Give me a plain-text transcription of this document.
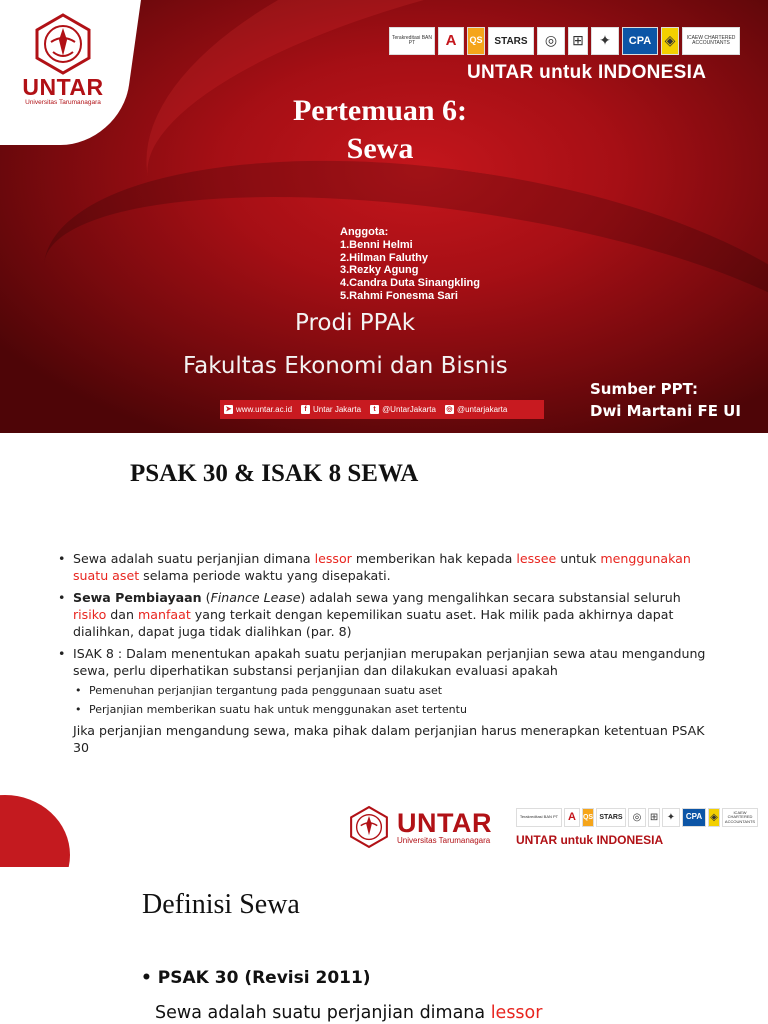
UNTAR
Universitas Tarumanagara
Terakreditasi BAN PT	A QS STARS	◎	⊞	✦	CPA ◈	ICAEW CHARTERED ACCOUNTANTS
UNTAR untuk INDONESIA
Pertemuan 6:
Sewa
Anggota:
1.Benni Helmi
2.Hilman Faluthy
3.Rezky Agung
4.Candra Duta Sinangkling
5.Rahmi Fonesma Sari
Prodi PPAk
Fakultas Ekonomi dan Bisnis
➤ www.untar.ac.id	f Untar Jakarta	t @UntarJakarta ◎ @untarjakarta
Sumber PPT:
Dwi Martani FE UI
PSAK 30 & ISAK 8 SEWA
• Sewa adalah suatu perjanjian dimana lessor memberikan hak kepada lessee untuk menggunakan suatu aset selama periode waktu yang disepakati.
• Sewa Pembiayaan (Finance Lease) adalah sewa yang mengalihkan secara substansial seluruh risiko dan manfaat yang terkait dengan kepemilikan suatu aset. Hak milik pada akhirnya dapat dialihkan, dapat juga tidak dialihkan (par. 8)
• ISAK 8 : Dalam menentukan apakah suatu perjanjian merupakan perjanjian sewa atau mengandung sewa, perlu diperhatikan substansi perjanjian dan dilakukan evaluasi apakah
• Pemenuhan perjanjian tergantung pada penggunaan suatu aset
• Perjanjian memberikan suatu hak untuk menggunakan aset tertentu
Jika perjanjian mengandung sewa, maka pihak dalam perjanjian harus menerapkan ketentuan PSAK 30
UNTAR
Universitas Tarumanagara
Terakreditasi BAN PT A QS STARS	◎ ⊞ ✦	CPA ◈	ICAEW CHARTERED ACCOUNTANTS
UNTAR untuk INDONESIA
Definisi Sewa
• PSAK 30 (Revisi 2011)
Sewa adalah suatu perjanjian dimana lessor
